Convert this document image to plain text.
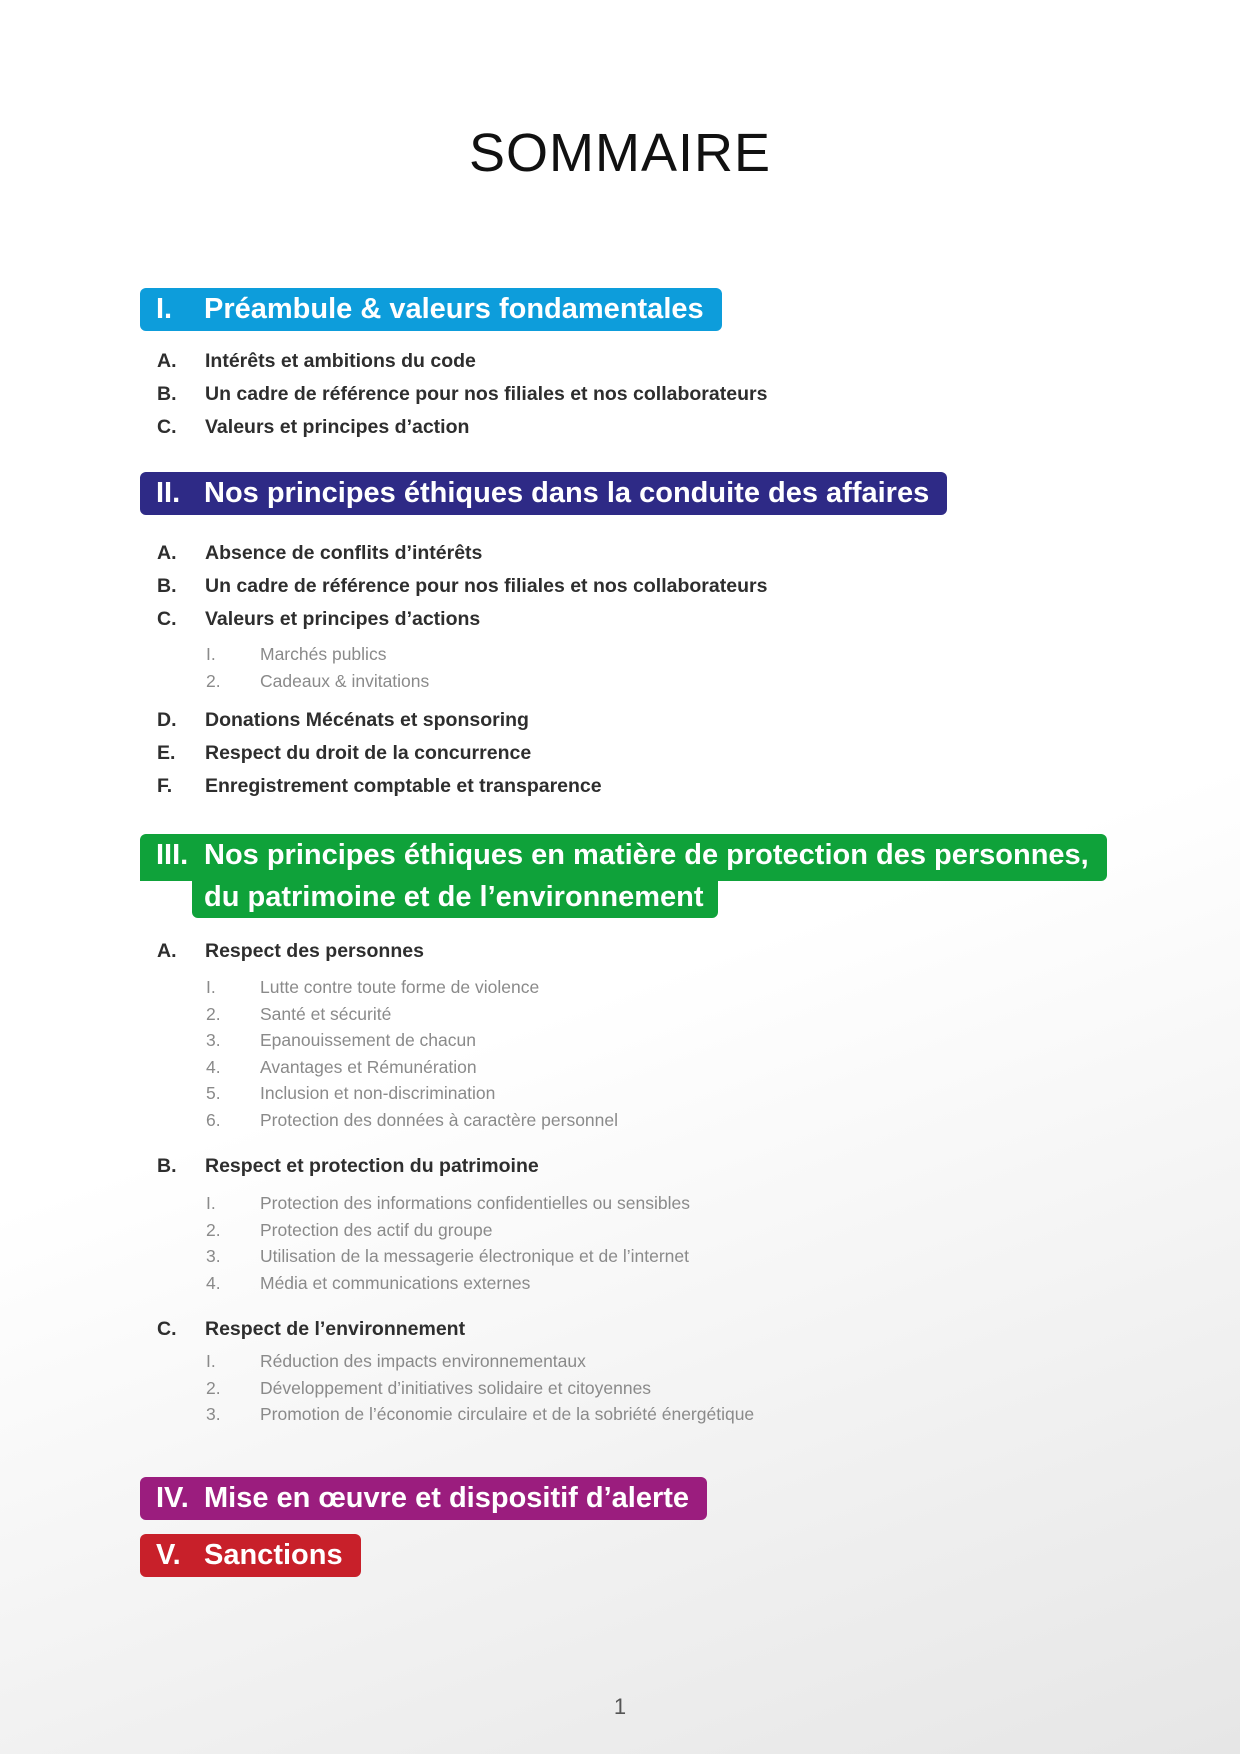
SOMMAIRE
I. Préambule & valeurs fondamentales
A. Intérêts et ambitions du code
B. Un cadre de référence pour nos filiales et nos collaborateurs
C. Valeurs et principes d’action
II. Nos principes éthiques dans la conduite des affaires
A. Absence de conflits d’intérêts
B. Un cadre de référence pour nos filiales et nos collaborateurs
C. Valeurs et principes d’actions
I.	Marchés publics
2. Cadeaux & invitations
D. Donations Mécénats et sponsoring
E. Respect du droit de la concurrence
F. Enregistrement comptable et transparence
III. Nos principes éthiques en matière de protection des personnes,
du patrimoine et de l’environnement
A. Respect des personnes
I.	Lutte contre toute forme de violence
2. Santé et sécurité
3. Epanouissement de chacun
4. Avantages et Rémunération
5. Inclusion et non-discrimination
6. Protection des données à caractère personnel
B. Respect et protection du patrimoine
I.	Protection des informations confidentielles ou sensibles
2. Protection des actif du groupe
3. Utilisation de la messagerie électronique et de l’internet
4. Média et communications externes
C. Respect de l’environnement
I.	Réduction des impacts environnementaux
2. Développement d’initiatives solidaire et citoyennes
3. Promotion de l’économie circulaire et de la sobriété énergétique
IV. Mise en œuvre et dispositif d’alerte
V. Sanctions
1
